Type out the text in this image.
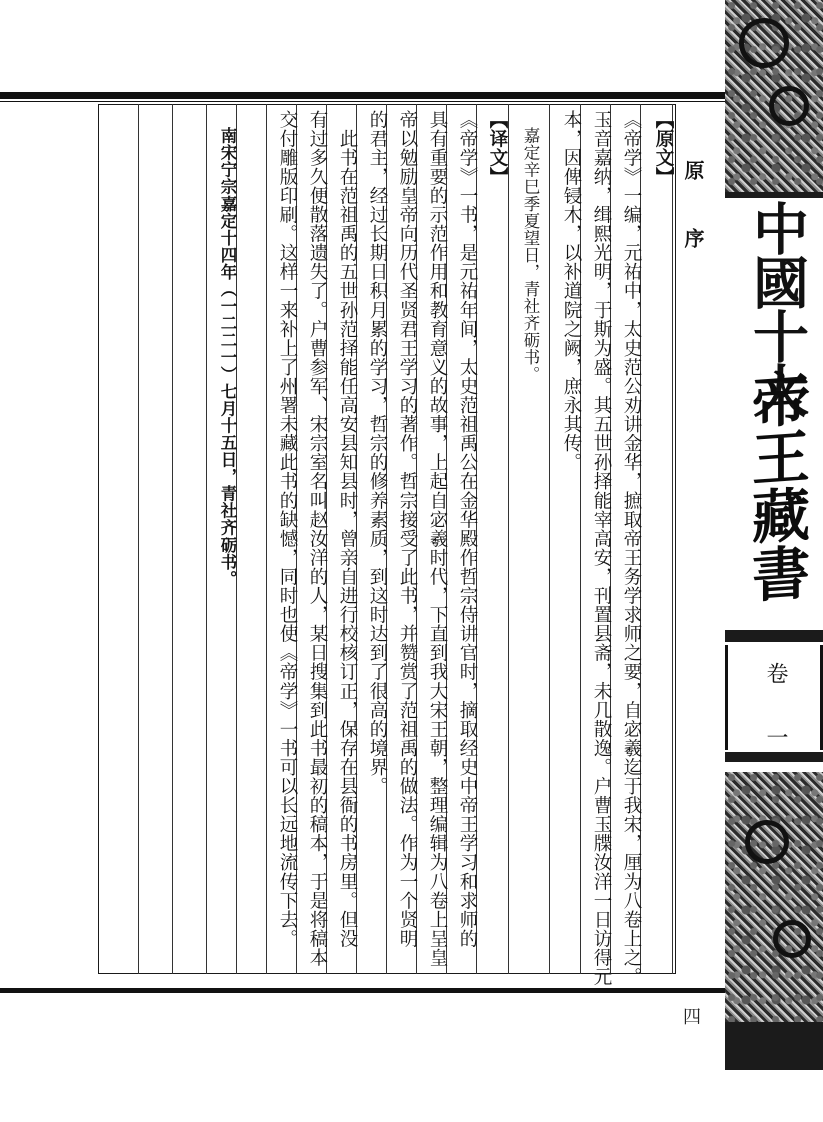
原　序
【原文】
《帝学》一编，元祐中，太史范公劝讲金华，摭取帝王务学求师之要，自宓羲迄于我宋，厘为八卷上之。
玉音嘉纳，缉熙光明，于斯为盛。其五世孙择能宰高安，刊置县斋，未几散逸。户曹玉牒汝洋一日访得元
本，因俾锓木，以补道院之阙，庶永其传。
　嘉定辛巳季夏望日，青社齐砺书。
【译文】
《帝学》一书，是元祐年间，太史范祖禹公在金华殿作哲宗侍讲官时，摘取经史中帝王学习和求师的
具有重要的示范作用和教育意义的故事，上起自宓羲时代，下直到我大宋王朝，整理编辑为八卷上呈皇
帝以勉励皇帝向历代圣贤君王学习的著作。哲宗接受了此书，并赞赏了范祖禹的做法。作为一个贤明
的君主，经过长期日积月累的学习，哲宗的修养素质，到这时达到了很高的境界。
　此书在范祖禹的五世孙范择能任高安县知县时，曾亲自进行校核订正，保存在县衙的书房里。但没
有过多久便散落遗失了。户曹参军、宋宗室名叫赵汝洋的人，某日搜集到此书最初的稿本，于是将稿本
交付雕版印刷。这样一来补上了州署未藏此书的缺憾，同时也使《帝学》一书可以长远地流传下去。
　南宋宁宗嘉定十四年（一二二一）七月十五日，青社齐砺书。	中國十大
帝王藏書
卷　一
四
